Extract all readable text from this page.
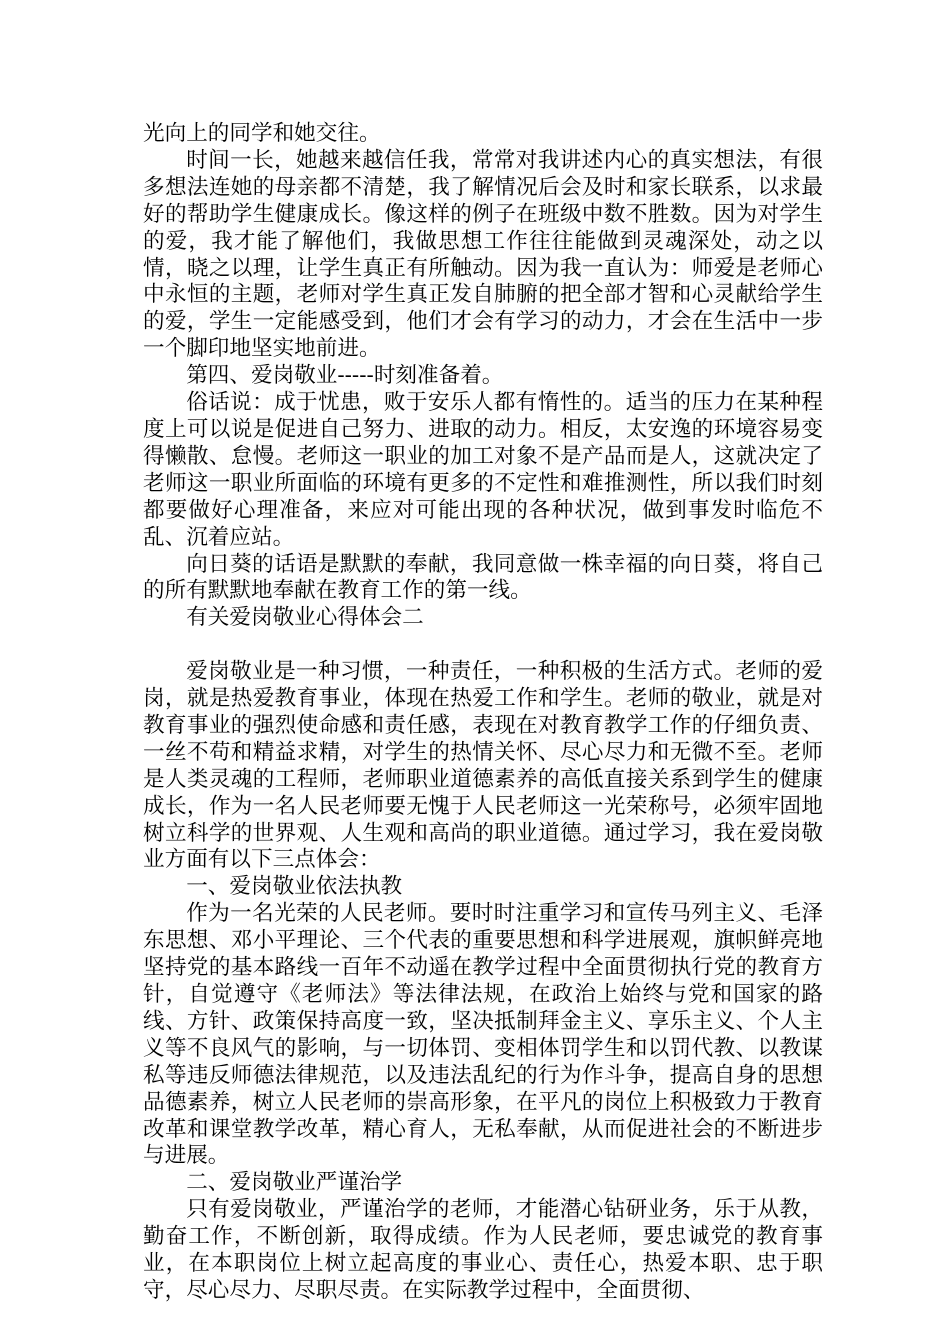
光向上的同学和她交往。

时间一长，她越来越信任我，常常对我讲述内心的真实想法，有很多想法连她的母亲都不清楚，我了解情况后会及时和家长联系，以求最好的帮助学生健康成长。像这样的例子在班级中数不胜数。因为对学生的爱，我才能了解他们，我做思想工作往往能做到灵魂深处，动之以情，晓之以理，让学生真正有所触动。因为我一直认为：师爱是老师心中永恒的主题，老师对学生真正发自肺腑的把全部才智和心灵献给学生的爱，学生一定能感受到，他们才会有学习的动力，才会在生活中一步一个脚印地坚实地前进。

第四、爱岗敬业-----时刻准备着。

俗话说：成于忧患，败于安乐人都有惰性的。适当的压力在某种程度上可以说是促进自己努力、进取的动力。相反，太安逸的环境容易变得懒散、怠慢。老师这一职业的加工对象不是产品而是人，这就决定了老师这一职业所面临的环境有更多的不定性和难推测性，所以我们时刻都要做好心理准备，来应对可能出现的各种状况，做到事发时临危不乱、沉着应站。

向日葵的话语是默默的奉献，我同意做一株幸福的向日葵，将自己的所有默默地奉献在教育工作的第一线。

有关爱岗敬业心得体会二

爱岗敬业是一种习惯，一种责任，一种积极的生活方式。老师的爱岗，就是热爱教育事业，体现在热爱工作和学生。老师的敬业，就是对教育事业的强烈使命感和责任感，表现在对教育教学工作的仔细负责、一丝不苟和精益求精，对学生的热情关怀、尽心尽力和无微不至。老师是人类灵魂的工程师，老师职业道德素养的高低直接关系到学生的健康成长，作为一名人民老师要无愧于人民老师这一光荣称号，必须牢固地树立科学的世界观、人生观和高尚的职业道德。通过学习，我在爱岗敬业方面有以下三点体会：

一、爱岗敬业依法执教

作为一名光荣的人民老师。要时时注重学习和宣传马列主义、毛泽东思想、邓小平理论、三个代表的重要思想和科学进展观，旗帜鲜亮地坚持党的基本路线一百年不动遥在教学过程中全面贯彻执行党的教育方针，自觉遵守《老师法》等法律法规，在政治上始终与党和国家的路线、方针、政策保持高度一致，坚决抵制拜金主义、享乐主义、个人主义等不良风气的影响，与一切体罚、变相体罚学生和以罚代教、以教谋私等违反师德法律规范，以及违法乱纪的行为作斗争，提高自身的思想品德素养，树立人民老师的崇高形象，在平凡的岗位上积极致力于教育改革和课堂教学改革，精心育人，无私奉献，从而促进社会的不断进步与进展。

二、爱岗敬业严谨治学

只有爱岗敬业，严谨治学的老师，才能潜心钻研业务，乐于从教，勤奋工作，不断创新，取得成绩。作为人民老师，要忠诚党的教育事业，在本职岗位上树立起高度的事业心、责任心，热爱本职、忠于职守，尽心尽力、尽职尽责。在实际教学过程中，全面贯彻、
